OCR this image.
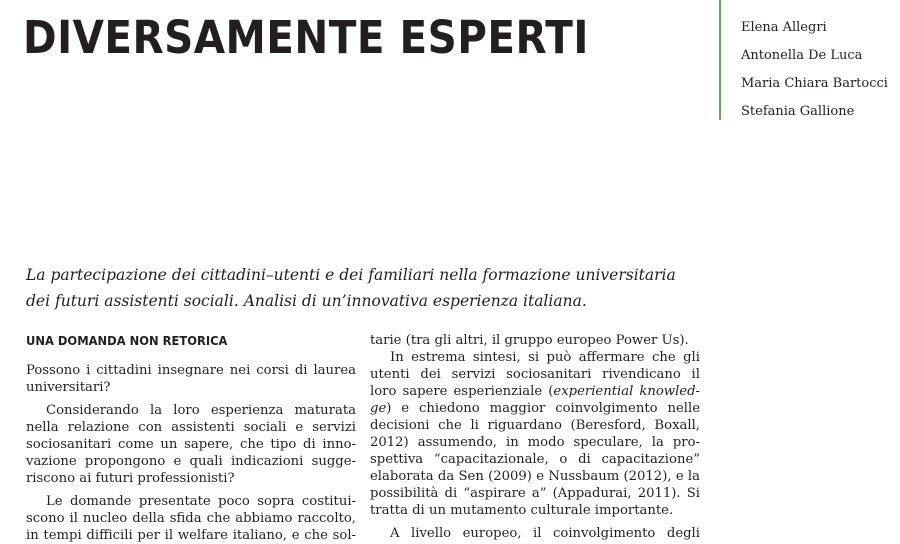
DIVERSAMENTE ESPERTI	Elena Allegri
Antonella De Luca
Maria Chiara Bartocci
Stefania Gallione
La partecipazione dei cittadini–utenti e dei familiari nella formazione universitaria
dei futuri assistenti sociali. Analisi di un’innovativa esperienza italiana.
UNA DOMANDA NON RETORICA
Possono i cittadini insegnare nei corsi di laurea
universitari?
Considerando la loro esperienza maturata
nella relazione con assistenti sociali e servizi
sociosanitari come un sapere, che tipo di inno-
vazione propongono e quali indicazioni sugge-
riscono ai futuri professionisti?
Le domande presentate poco sopra costitui-
scono il nucleo della sfida che abbiamo raccolto,
in tempi difficili per il welfare italiano, e che sol-
tarie (tra gli altri, il gruppo europeo Power Us).
In estrema sintesi, si può affermare che gli
utenti dei servizi sociosanitari rivendicano il
loro sapere esperienziale (experiential knowled-
ge) e chiedono maggior coinvolgimento nelle
decisioni che li riguardano (Beresford, Boxall,
2012) assumendo, in modo speculare, la pro-
spettiva “capacitazionale, o di capacitazione”
elaborata da Sen (2009) e Nussbaum (2012), e la
possibilità di “aspirare a” (Appadurai, 2011). Si
tratta di un mutamento culturale importante.
A livello europeo, il coinvolgimento degli
